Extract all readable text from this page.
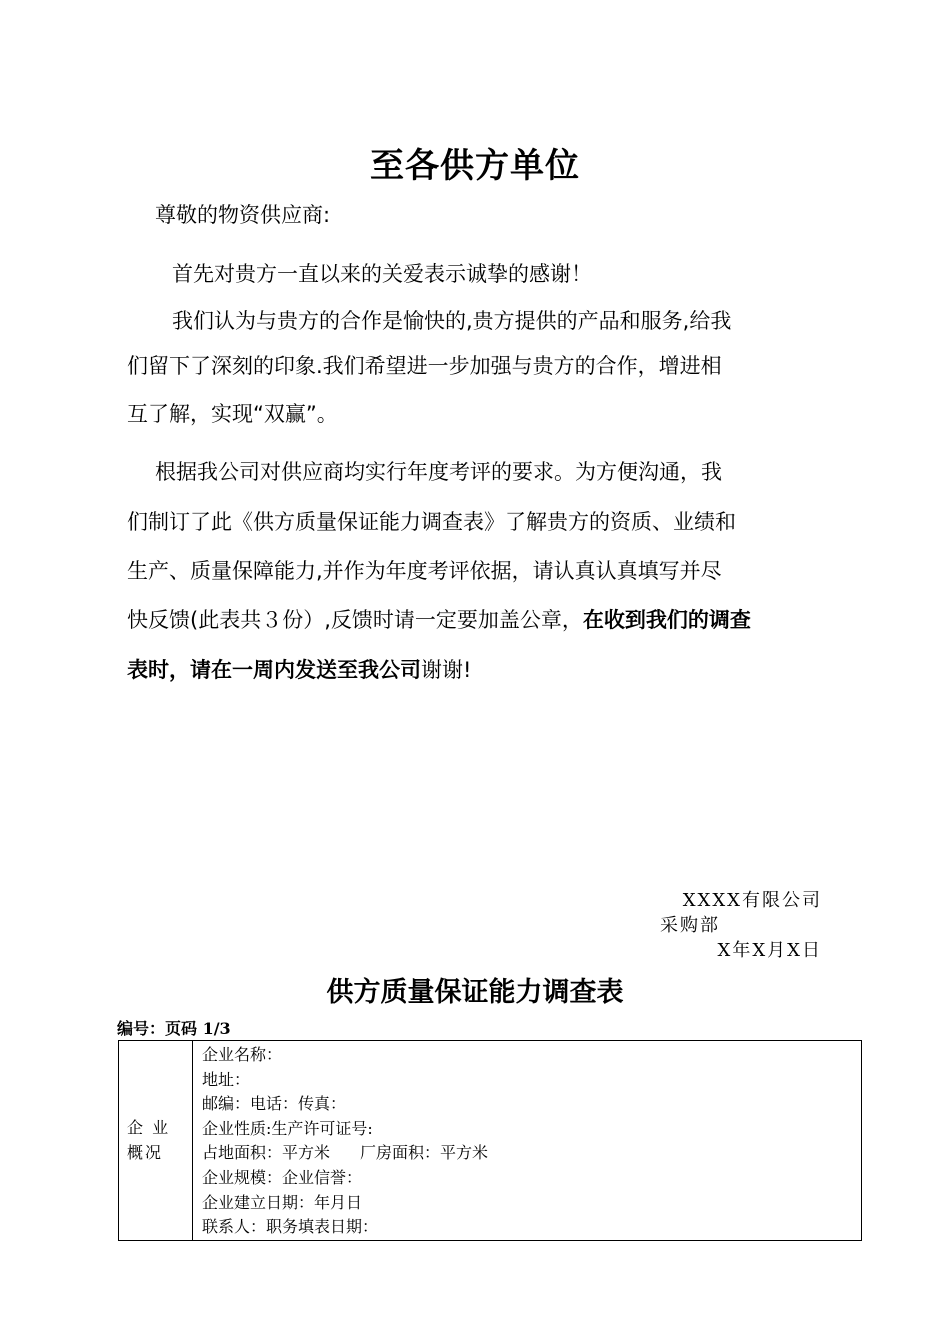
至各供方单位
尊敬的物资供应商:
首先对贵方一直以来的关爱表示诚挚的感谢！
我们认为与贵方的合作是愉快的,贵方提供的产品和服务,给我
们留下了深刻的印象.我们希望进一步加强与贵方的合作，增进相
互了解，实现“双赢”。
根据我公司对供应商均实行年度考评的要求。为方便沟通，我
们制订了此《供方质量保证能力调查表》了解贵方的资质、业绩和
生产、质量保障能力,并作为年度考评依据，请认真认真填写并尽
快反馈(此表共３份）,反馈时请一定要加盖公章，在收到我们的调查
表时，请在一周内发送至我公司谢谢!
XXXX有限公司
采购部
X年X月X日
供方质量保证能力调查表
编号：页码 1/3
企 业
概况

企业名称：
地址：
邮编：电话：传真：
企业性质:生产许可证号:
占地面积：平方米 厂房面积：平方米
企业规模：企业信誉：
企业建立日期：年月日
联系人：职务填表日期：
